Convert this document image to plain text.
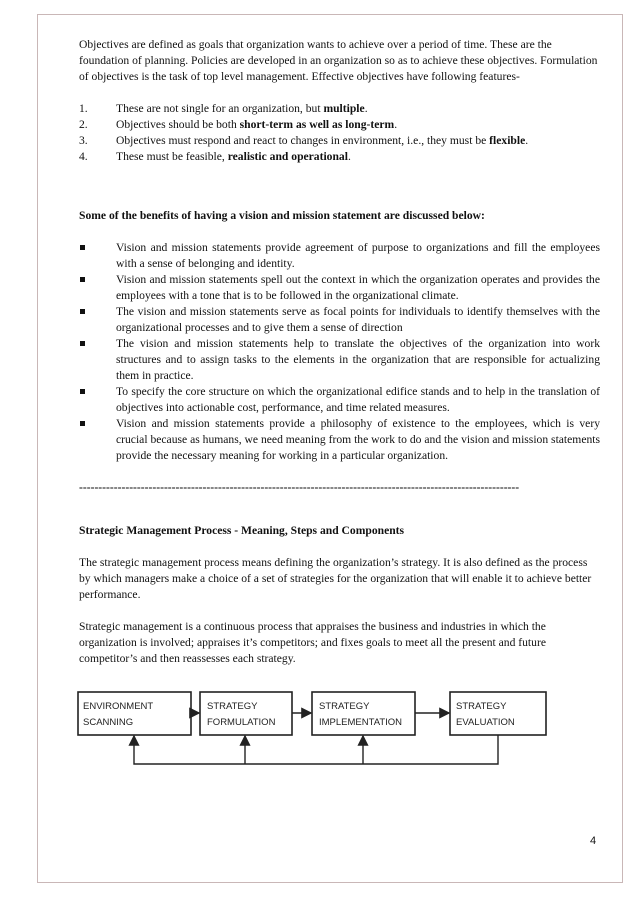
Objectives are defined as goals that organization wants to achieve over a period of time. These are the foundation of planning. Policies are developed in an organization so as to achieve these objectives. Formulation of objectives is the task of top level management. Effective objectives have following features-

1. These are not single for an organization, but multiple.
2. Objectives should be both short-term as well as long-term.
3. Objectives must respond and react to changes in environment, i.e., they must be flexible.
4. These must be feasible, realistic and operational.

Some of the benefits of having a vision and mission statement are discussed below:

Vision and mission statements provide agreement of purpose to organizations and fill the employees with a sense of belonging and identity.
Vision and mission statements spell out the context in which the organization operates and provides the employees with a tone that is to be followed in the organizational climate.
The vision and mission statements serve as focal points for individuals to identify themselves with the organizational processes and to give them a sense of direction
The vision and mission statements help to translate the objectives of the organization into work structures and to assign tasks to the elements in the organization that are responsible for actualizing them in practice.
To specify the core structure on which the organizational edifice stands and to help in the translation of objectives into actionable cost, performance, and time related measures.
Vision and mission statements provide a philosophy of existence to the employees, which is very crucial because as humans, we need meaning from the work to do and the vision and mission statements provide the necessary meaning for working in a particular organization.

------------------------------------------------------------------------------------------------------------------

Strategic Management Process - Meaning, Steps and Components

The strategic management process means defining the organization’s strategy. It is also defined as the process by which managers make a choice of a set of strategies for the organization that will enable it to achieve better performance.

Strategic management is a continuous process that appraises the business and industries in which the organization is involved; appraises it’s competitors; and fixes goals to meet all the present and future competitor’s and then reassesses each strategy.

ENVIRONMENT
SCANNING
STRATEGY
FORMULATION
STRATEGY
IMPLEMENTATION
STRATEGY
EVALUATION
4
